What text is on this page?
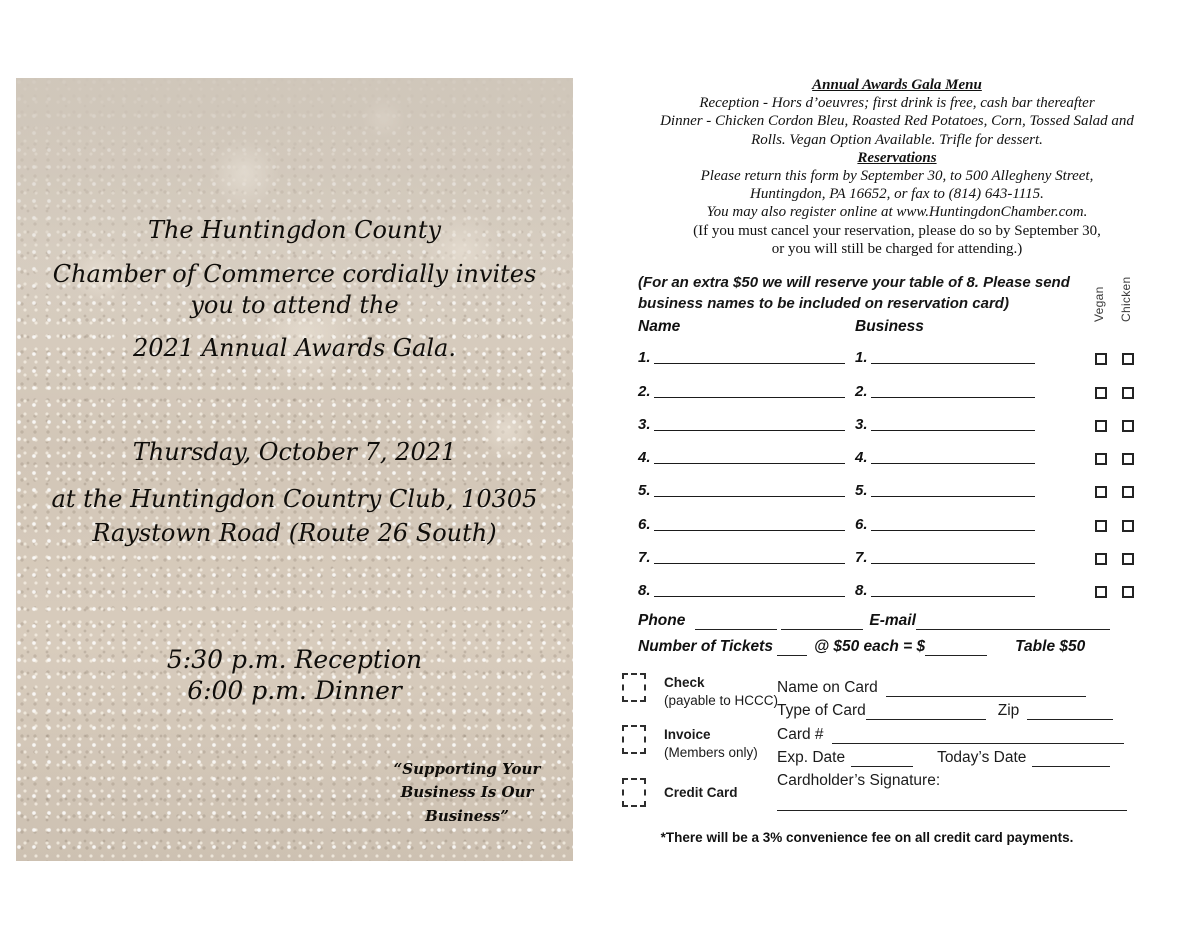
The Huntingdon County
Chamber of Commerce cordially invites
you to attend the
2021 Annual Awards Gala.
Thursday, October 7, 2021
at the Huntingdon Country Club, 10305
Raystown Road (Route 26 South)
5:30 p.m. Reception
6:00 p.m. Dinner
“Supporting Your
Business Is Our
Business”
Annual Awards Gala Menu
Reception - Hors d’oeuvres; first drink is free, cash bar thereafter
Dinner - Chicken Cordon Bleu, Roasted Red Potatoes, Corn, Tossed Salad and
Rolls. Vegan Option Available. Trifle for dessert.
Reservations
Please return this form by September 30, to 500 Allegheny Street,
Huntingdon, PA 16652, or fax to (814) 643-1115.
You may also register online at www.HuntingdonChamber.com.
(If you must cancel your reservation, please do so by September 30,
or you will still be charged for attending.)
(For an extra $50 we will reserve your table of 8. Please send
business names to be included on reservation card)	Vegan Chicken
Name	Business
1.	1.
2.	2.
3.	3.
4.	4.
5.	5.
6.	6.
7.	7.
8.	8.
Phone	E-mail
Number of Tickets	@ $50 each = $	Table $50
Check
(payable to HCCC)
Invoice
(Members only)
Credit Card
Name on Card
Type of Card	Zip
Card #
Exp. Date	Today’s Date
Cardholder’s Signature:
*There will be a 3% convenience fee on all credit card payments.
